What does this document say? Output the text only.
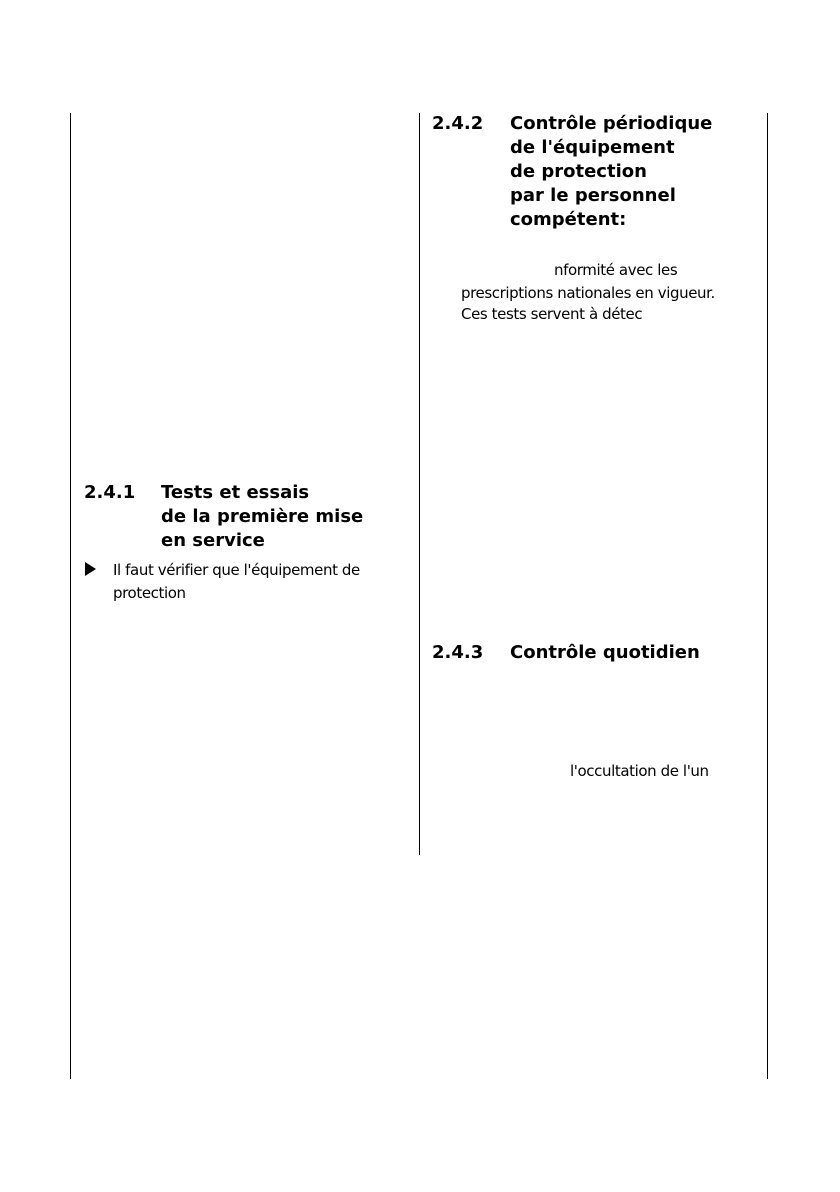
2.4.2 Contrôle périodique
de l'équipement
de protection
par le personnel
compétent:
nformité avec les
prescriptions nationales en vigueur.
Ces tests servent à détec
2.4.1 Tests et essais
de la première mise
en service
Il faut vérifier que l'équipement de
protection
2.4.3 Contrôle quotidien
l'occultation de l'un
